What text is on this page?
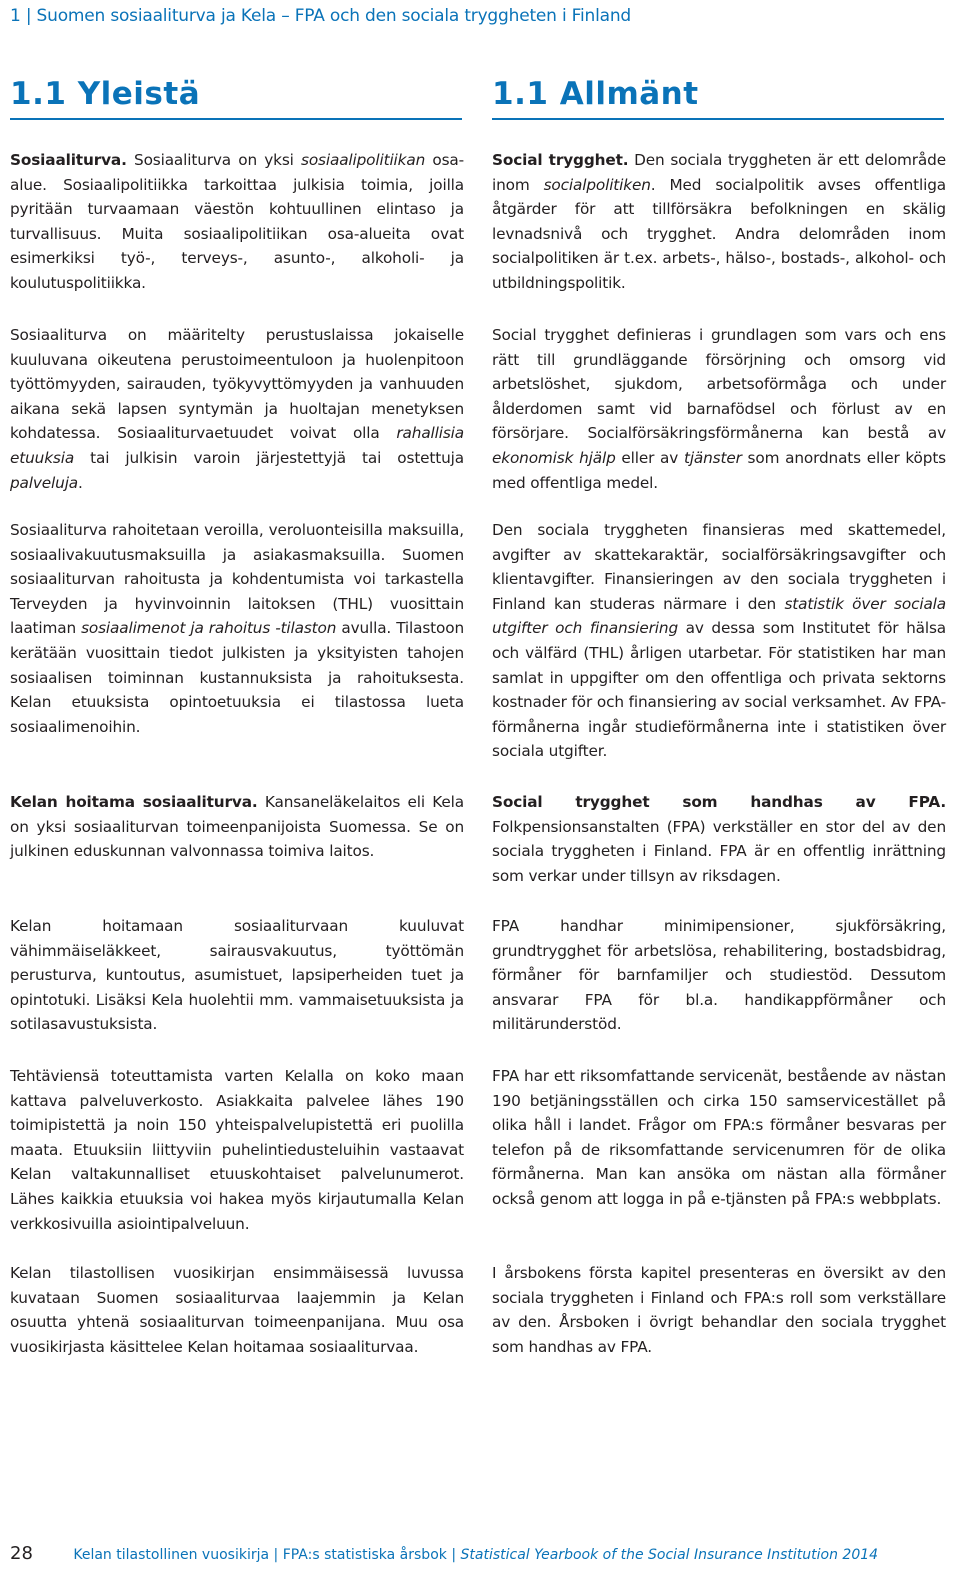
1 | Suomen sosiaaliturva ja Kela – FPA och den sociala tryggheten i Finland
1.1 Yleistä

Sosiaaliturva. Sosiaaliturva on yksi sosiaalipolitiikan osa-alue. Sosiaalipolitiikka tarkoittaa julkisia toimia, joilla pyritään turvaamaan väestön kohtuullinen elintaso ja turvallisuus. Muita sosiaalipolitiikan osa-alueita ovat esimerkiksi työ-, terveys-, asunto-, alkoholi- ja koulutuspolitiikka.

Sosiaaliturva on määritelty perustuslaissa jokaiselle kuuluvana oikeutena perustoimeentuloon ja huolenpitoon työttömyyden, sairauden, työkyvyttömyyden ja vanhuuden aikana sekä lapsen syntymän ja huoltajan menetyksen kohdatessa. Sosiaaliturvaetuudet voivat olla rahallisia etuuksia tai julkisin varoin järjestettyjä tai ostettuja palveluja.

Sosiaaliturva rahoitetaan veroilla, veroluonteisilla maksuilla, sosiaalivakuutusmaksuilla ja asiakasmaksuilla. Suomen sosiaaliturvan rahoitusta ja kohdentumista voi tarkastella Terveyden ja hyvinvoinnin laitoksen (THL) vuosittain laatiman sosiaalimenot ja rahoitus -tilaston avulla. Tilastoon kerätään vuosittain tiedot julkisten ja yksityisten tahojen sosiaalisen toiminnan kustannuksista ja rahoituksesta. Kelan etuuksista opintoetuuksia ei tilastossa lueta sosiaalimenoihin.

Kelan hoitama sosiaaliturva. Kansaneläkelaitos eli Kela on yksi sosiaaliturvan toimeenpanijoista Suomessa. Se on julkinen eduskunnan valvonnassa toimiva laitos.

Kelan hoitamaan sosiaaliturvaan kuuluvat vähimmäiseläkkeet, sairausvakuutus, työttömän perusturva, kuntoutus, asumistuet, lapsiperheiden tuet ja opintotuki. Lisäksi Kela huolehtii mm. vammaisetuuksista ja sotilasavustuksista.

Tehtäviensä toteuttamista varten Kelalla on koko maan kattava palveluverkosto. Asiakkaita palvelee lähes 190 toimipistettä ja noin 150 yhteispalvelupistettä eri puolilla maata. Etuuksiin liittyviin puhelintiedusteluihin vastaavat Kelan valtakunnalliset etuuskohtaiset palvelunumerot. Lähes kaikkia etuuksia voi hakea myös kirjautumalla Kelan verkkosivuilla asiointipalveluun.

Kelan tilastollisen vuosikirjan ensimmäisessä luvussa kuvataan Suomen sosiaaliturvaa laajemmin ja Kelan osuutta yhtenä sosiaaliturvan toimeenpanijana. Muu osa vuosikirjasta käsittelee Kelan hoitamaa sosiaaliturvaa.

1.1 Allmänt

Social trygghet. Den sociala tryggheten är ett delområde inom socialpolitiken. Med socialpolitik avses offentliga åtgärder för att tillförsäkra befolkningen en skälig levnadsnivå och trygghet. Andra delområden inom socialpolitiken är t.ex. arbets-, hälso-, bostads-, alkohol- och utbildningspolitik.

Social trygghet definieras i grundlagen som vars och ens rätt till grundläggande försörjning och omsorg vid arbetslöshet, sjukdom, arbetsoförmåga och under ålderdomen samt vid barnafödsel och förlust av en försörjare. Socialförsäkringsförmånerna kan bestå av ekonomisk hjälp eller av tjänster som anordnats eller köpts med offentliga medel.

Den sociala tryggheten finansieras med skattemedel, avgifter av skattekaraktär, socialförsäkringsavgifter och klientavgifter. Finansieringen av den sociala tryggheten i Finland kan studeras närmare i den statistik över sociala utgifter och finansiering av dessa som Institutet för hälsa och välfärd (THL) årligen utarbetar. För statistiken har man samlat in uppgifter om den offentliga och privata sektorns kostnader för och finansiering av social verksamhet. Av FPA-förmånerna ingår studieförmånerna inte i statistiken över sociala utgifter.

Social trygghet som handhas av FPA. Folkpensionsanstalten (FPA) verkställer en stor del av den sociala tryggheten i Finland. FPA är en offentlig inrättning som verkar under tillsyn av riksdagen.

FPA handhar minimipensioner, sjukförsäkring, grundtrygghet för arbetslösa, rehabilitering, bostadsbidrag, förmåner för barnfamiljer och studiestöd. Dessutom ansvarar FPA för bl.a. handikappförmåner och militärunderstöd.

FPA har ett riksomfattande servicenät, bestående av nästan 190 betjäningsställen och cirka 150 samservicestället på olika håll i landet. Frågor om FPA:s förmåner besvaras per telefon på de riksomfattande servicenumren för de olika förmånerna. Man kan ansöka om nästan alla förmåner också genom att logga in på e-tjänsten på FPA:s webbplats.

I årsbokens första kapitel presenteras en översikt av den sociala tryggheten i Finland och FPA:s roll som verkställare av den. Årsboken i övrigt behandlar den sociala trygghet som handhas av FPA.

28	Kelan tilastollinen vuosikirja | FPA:s statistiska årsbok | Statistical Yearbook of the Social Insurance Institution 2014
